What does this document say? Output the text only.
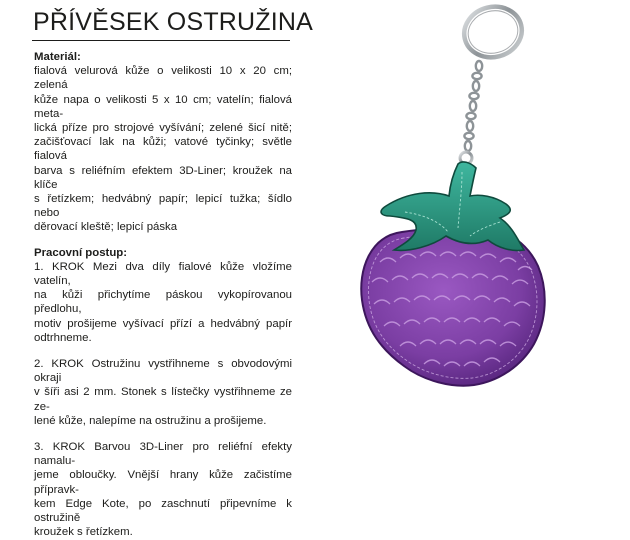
PŘÍVĚSEK OSTRUŽINA
Materiál:
fialová velurová kůže o velikosti 10 x 20 cm; zelená
kůže napa o velikosti 5 x 10 cm; vatelín; fialová meta-
lická příze pro strojové vyšívání; zelené šicí nitě;
začišťovací lak na kůži; vatové tyčinky; světle fialová
barva s reliéfním efektem 3D-Liner; kroužek na klíče
s řetízkem; hedvábný papír; lepicí tužka; šídlo nebo
děrovací kleště; lepicí páska
Pracovní postup:
1. KROK Mezi dva díly fialové kůže vložíme vatelín,
na kůži přichytíme páskou vykopírovanou předlohu,
motiv prošijeme vyšívací přízí a hedvábný papír
odtrhneme.
2. KROK Ostružinu vystřihneme s obvodovými okraji
v šíři asi 2 mm. Stonek s lístečky vystřihneme ze ze-
lené kůže, nalepíme na ostružinu a prošijeme.
3. KROK Barvou 3D-Liner pro reliéfní efekty namalu-
jeme obloučky. Vnější hrany kůže začistíme přípravk-
kem Edge Kote, po zaschnutí připevníme k ostružině
kroužek s řetízkem.
